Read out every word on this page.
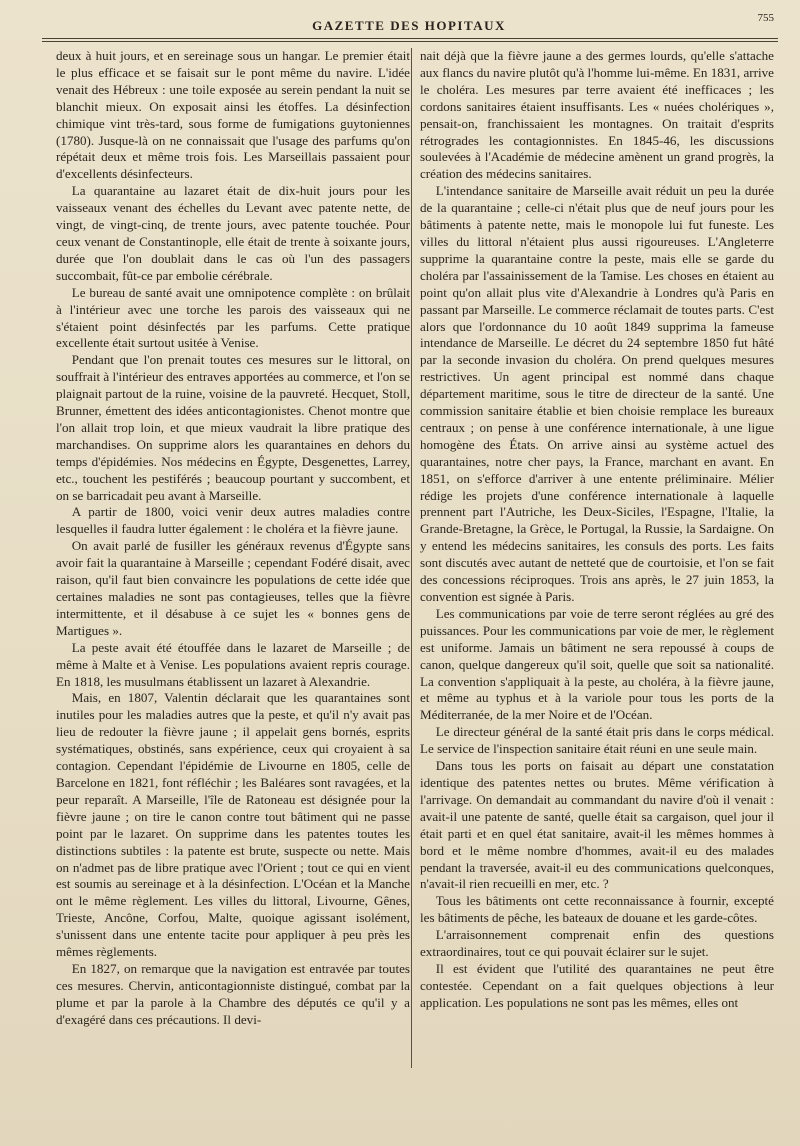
GAZETTE DES HOPITAUX	755

deux à huit jours, et en sereinage sous un hangar. Le premier était le plus efficace et se faisait sur le pont même du navire. L'idée venait des Hébreux : une toile exposée au serein pendant la nuit se blanchit mieux. On exposait ainsi les étoffes. La désinfection chimique vint très-tard, sous forme de fumigations guytoniennes (1780). Jusque-là on ne connaissait que l'usage des parfums qu'on répétait deux et même trois fois. Les Marseillais passaient pour d'excellents désinfecteurs.

La quarantaine au lazaret était de dix-huit jours pour les vaisseaux venant des échelles du Levant avec patente nette, de vingt, de vingt-cinq, de trente jours, avec patente touchée. Pour ceux venant de Constantinople, elle était de trente à soixante jours, durée que l'on doublait dans le cas où l'un des passagers succombait, fût-ce par embolie cérébrale.

Le bureau de santé avait une omnipotence complète : on brûlait à l'intérieur avec une torche les parois des vaisseaux qui ne s'étaient point désinfectés par les parfums. Cette pratique excellente était surtout usitée à Venise.

Pendant que l'on prenait toutes ces mesures sur le littoral, on souffrait à l'intérieur des entraves apportées au commerce, et l'on se plaignait partout de la ruine, voisine de la pauvreté. Hecquet, Stoll, Brunner, émettent des idées anticontagionistes. Chenot montre que l'on allait trop loin, et que mieux vaudrait la libre pratique des marchandises. On supprime alors les quarantaines en dehors du temps d'épidémies. Nos médecins en Égypte, Desgenettes, Larrey, etc., touchent les pestiférés ; beaucoup pourtant y succombent, et on se barricadait peu avant à Marseille.

A partir de 1800, voici venir deux autres maladies contre lesquelles il faudra lutter également : le choléra et la fièvre jaune.

On avait parlé de fusiller les généraux revenus d'Égypte sans avoir fait la quarantaine à Marseille ; cependant Fodéré disait, avec raison, qu'il faut bien convaincre les populations de cette idée que certaines maladies ne sont pas contagieuses, telles que la fièvre intermittente, et il désabuse à ce sujet les « bonnes gens de Martigues ».

La peste avait été étouffée dans le lazaret de Marseille ; de même à Malte et à Venise. Les populations avaient repris courage. En 1818, les musulmans établissent un lazaret à Alexandrie.

Mais, en 1807, Valentin déclarait que les quarantaines sont inutiles pour les maladies autres que la peste, et qu'il n'y avait pas lieu de redouter la fièvre jaune ; il appelait gens bornés, esprits systématiques, obstinés, sans expérience, ceux qui croyaient à sa contagion. Cependant l'épidémie de Livourne en 1805, celle de Barcelone en 1821, font réfléchir ; les Baléares sont ravagées, et la peur reparaît. A Marseille, l'île de Ratoneau est désignée pour la fièvre jaune ; on tire le canon contre tout bâtiment qui ne passe point par le lazaret. On supprime dans les patentes toutes les distinctions subtiles : la patente est brute, suspecte ou nette. Mais on n'admet pas de libre pratique avec l'Orient ; tout ce qui en vient est soumis au sereinage et à la désinfection. L'Océan et la Manche ont le même règlement. Les villes du littoral, Livourne, Gênes, Trieste, Ancône, Corfou, Malte, quoique agissant isolément, s'unissent dans une entente tacite pour appliquer à peu près les mêmes règlements.

En 1827, on remarque que la navigation est entravée par toutes ces mesures. Chervin, anticontagionniste distingué, combat par la plume et par la parole à la Chambre des députés ce qu'il y a d'exagéré dans ces précautions. Il devi-

nait déjà que la fièvre jaune a des germes lourds, qu'elle s'attache aux flancs du navire plutôt qu'à l'homme lui-même. En 1831, arrive le choléra. Les mesures par terre avaient été inefficaces ; les cordons sanitaires étaient insuffisants. Les « nuées cholériques », pensait-on, franchissaient les montagnes. On traitait d'esprits rétrogrades les contagionnistes. En 1845-46, les discussions soulevées à l'Académie de médecine amènent un grand progrès, la création des médecins sanitaires.

L'intendance sanitaire de Marseille avait réduit un peu la durée de la quarantaine ; celle-ci n'était plus que de neuf jours pour les bâtiments à patente nette, mais le monopole lui fut funeste. Les villes du littoral n'étaient plus aussi rigoureuses. L'Angleterre supprime la quarantaine contre la peste, mais elle se garde du choléra par l'assainissement de la Tamise. Les choses en étaient au point qu'on allait plus vite d'Alexandrie à Londres qu'à Paris en passant par Marseille. Le commerce réclamait de toutes parts. C'est alors que l'ordonnance du 10 août 1849 supprima la fameuse intendance de Marseille. Le décret du 24 septembre 1850 fut hâté par la seconde invasion du choléra. On prend quelques mesures restrictives. Un agent principal est nommé dans chaque département maritime, sous le titre de directeur de la santé. Une commission sanitaire établie et bien choisie remplace les bureaux centraux ; on pense à une conférence internationale, à une ligue homogène des États. On arrive ainsi au système actuel des quarantaines, notre cher pays, la France, marchant en avant. En 1851, on s'efforce d'arriver à une entente préliminaire. Mélier rédige les projets d'une conférence internationale à laquelle prennent part l'Autriche, les Deux-Siciles, l'Espagne, l'Italie, la Grande-Bretagne, la Grèce, le Portugal, la Russie, la Sardaigne. On y entend les médecins sanitaires, les consuls des ports. Les faits sont discutés avec autant de netteté que de courtoisie, et l'on se fait des concessions réciproques. Trois ans après, le 27 juin 1853, la convention est signée à Paris.

Les communications par voie de terre seront réglées au gré des puissances. Pour les communications par voie de mer, le règlement est uniforme. Jamais un bâtiment ne sera repoussé à coups de canon, quelque dangereux qu'il soit, quelle que soit sa nationalité. La convention s'appliquait à la peste, au choléra, à la fièvre jaune, et même au typhus et à la variole pour tous les ports de la Méditerranée, de la mer Noire et de l'Océan.

Le directeur général de la santé était pris dans le corps médical. Le service de l'inspection sanitaire était réuni en une seule main.

Dans tous les ports on faisait au départ une constatation identique des patentes nettes ou brutes. Même vérification à l'arrivage. On demandait au commandant du navire d'où il venait : avait-il une patente de santé, quelle était sa cargaison, quel jour il était parti et en quel état sanitaire, avait-il les mêmes hommes à bord et le même nombre d'hommes, avait-il eu des malades pendant la traversée, avait-il eu des communications quelconques, n'avait-il rien recueilli en mer, etc. ?

Tous les bâtiments ont cette reconnaissance à fournir, excepté les bâtiments de pêche, les bateaux de douane et les garde-côtes.

L'arraisonnement comprenait enfin des questions extraordinaires, tout ce qui pouvait éclairer sur le sujet.

Il est évident que l'utilité des quarantaines ne peut être contestée. Cependant on a fait quelques objections à leur application. Les populations ne sont pas les mêmes, elles ont
